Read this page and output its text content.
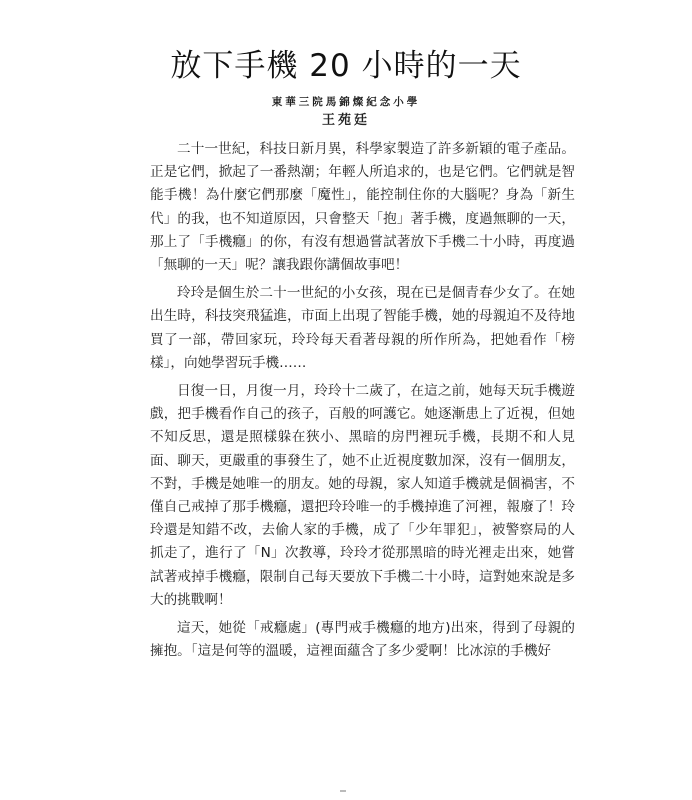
放下手機 20 小時的一天
東華三院馬錦燦紀念小學
王苑廷

二十一世紀，科技日新月異，科學家製造了許多新穎的電子產品。正是它們，掀起了一番熱潮；年輕人所追求的，也是它們。它們就是智能手機！為什麼它們那麼「魔性」，能控制住你的大腦呢？身為「新生代」的我，也不知道原因，只會整天「抱」著手機，度過無聊的一天，那上了「手機癮」的你，有沒有想過嘗試著放下手機二十小時，再度過「無聊的一天」呢？讓我跟你講個故事吧！

玲玲是個生於二十一世紀的小女孩，現在已是個青春少女了。在她出生時，科技突飛猛進，市面上出現了智能手機，她的母親迫不及待地買了一部，帶回家玩，玲玲每天看著母親的所作所為，把她看作「榜樣」，向她學習玩手機……

日復一日，月復一月，玲玲十二歲了，在這之前，她每天玩手機遊戲，把手機看作自己的孩子，百般的呵護它。她逐漸患上了近視，但她不知反思，還是照樣躲在狹小、黑暗的房門裡玩手機，長期不和人見面、聊天，更嚴重的事發生了，她不止近視度數加深，沒有一個朋友，不對，手機是她唯一的朋友。她的母親，家人知道手機就是個禍害，不僅自己戒掉了那手機癮，還把玲玲唯一的手機掉進了河裡，報廢了！玲玲還是知錯不改，去偷人家的手機，成了「少年罪犯」，被警察局的人抓走了，進行了「N」次教導，玲玲才從那黑暗的時光裡走出來，她嘗試著戒掉手機癮，限制自己每天要放下手機二十小時，這對她來說是多大的挑戰啊！

這天，她從「戒癮處」(專門戒手機癮的地方)出來，得到了母親的擁抱。「這是何等的溫暖，這裡面蘊含了多少愛啊！比冰涼的手機好
